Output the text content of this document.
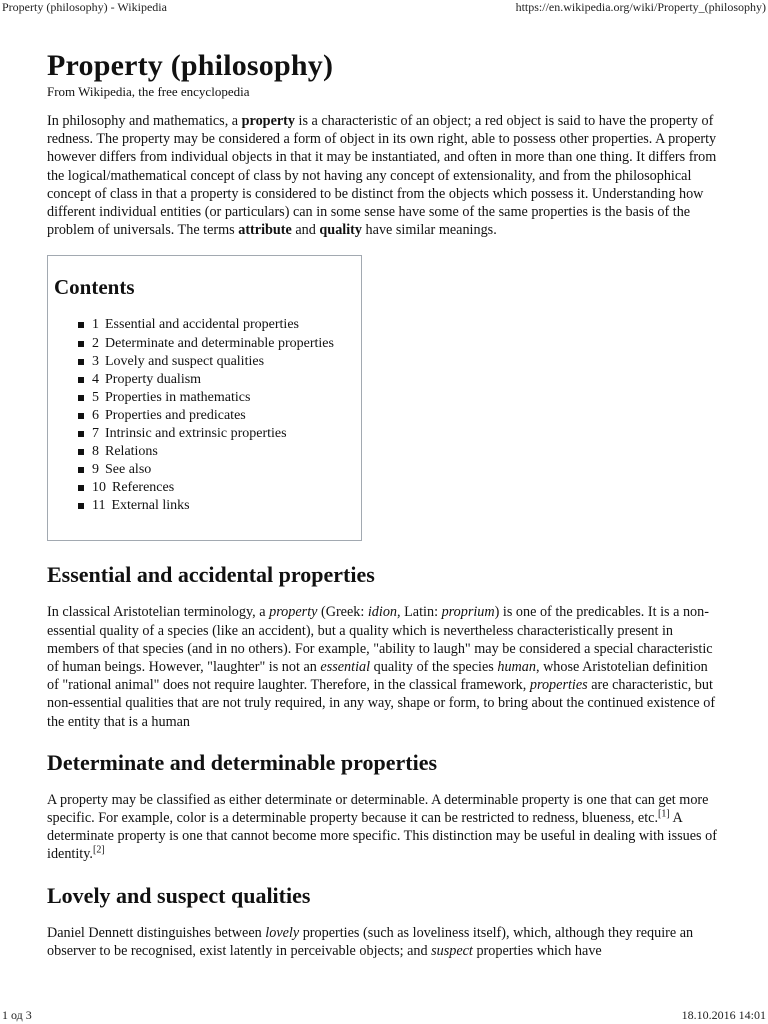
Property (philosophy) - Wikipedia	https://en.wikipedia.org/wiki/Property_(philosophy)
Property (philosophy)
From Wikipedia, the free encyclopedia

In philosophy and mathematics, a property is a characteristic of an object; a red object is said to have the property of redness. The property may be considered a form of object in its own right, able to possess other properties. A property however differs from individual objects in that it may be instantiated, and often in more than one thing. It differs from the logical/mathematical concept of class by not having any concept of extensionality, and from the philosophical concept of class in that a property is considered to be distinct from the objects which possess it. Understanding how different individual entities (or particulars) can in some sense have some of the same properties is the basis of the problem of universals. The terms attribute and quality have similar meanings.

Contents
1 Essential and accidental properties
2 Determinate and determinable properties
3 Lovely and suspect qualities
4 Property dualism
5 Properties in mathematics
6 Properties and predicates
7 Intrinsic and extrinsic properties
8 Relations
9 See also
10 References
11 External links
Essential and accidental properties

In classical Aristotelian terminology, a property (Greek: idion, Latin: proprium) is one of the predicables. It is a non-essential quality of a species (like an accident), but a quality which is nevertheless characteristically present in members of that species (and in no others). For example, "ability to laugh" may be considered a special characteristic of human beings. However, "laughter" is not an essential quality of the species human, whose Aristotelian definition of "rational animal" does not require laughter. Therefore, in the classical framework, properties are characteristic, but non-essential qualities that are not truly required, in any way, shape or form, to bring about the continued existence of the entity that is a human

Determinate and determinable properties

A property may be classified as either determinate or determinable. A determinable property is one that can get more specific. For example, color is a determinable property because it can be restricted to redness, blueness, etc.[1] A determinate property is one that cannot become more specific. This distinction may be useful in dealing with issues of identity.[2]

Lovely and suspect qualities

Daniel Dennett distinguishes between lovely properties (such as loveliness itself), which, although they require an observer to be recognised, exist latently in perceivable objects; and suspect properties which have

1 од 3	18.10.2016 14:01
